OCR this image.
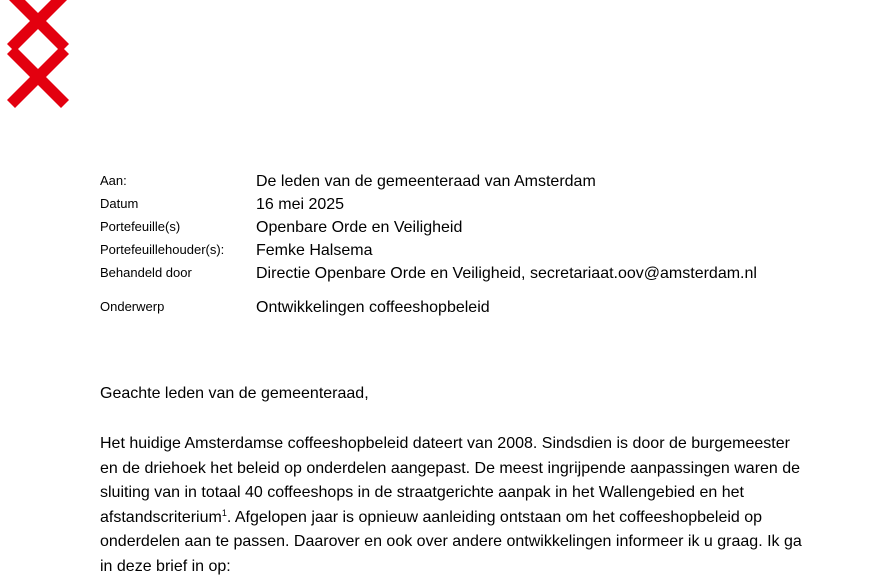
Aan:	De leden van de gemeenteraad van Amsterdam
Datum	16 mei 2025
Portefeuille(s)	Openbare Orde en Veiligheid
Portefeuillehouder(s): Femke Halsema
Behandeld door	Directie Openbare Orde en Veiligheid, secretariaat.oov@amsterdam.nl
Onderwerp	Ontwikkelingen coffeeshopbeleid
Geachte leden van de gemeenteraad,
Het huidige Amsterdamse coffeeshopbeleid dateert van 2008. Sindsdien is door de burgemeester
en de driehoek het beleid op onderdelen aangepast. De meest ingrijpende aanpassingen waren de
sluiting van in totaal 40 coffeeshops in de straatgerichte aanpak in het Wallengebied en het
afstandscriterium$^1$. Afgelopen jaar is opnieuw aanleiding ontstaan om het coffeeshopbeleid op
onderdelen aan te passen. Daarover en ook over andere ontwikkelingen informeer ik u graag. Ik ga
in deze brief in op:
